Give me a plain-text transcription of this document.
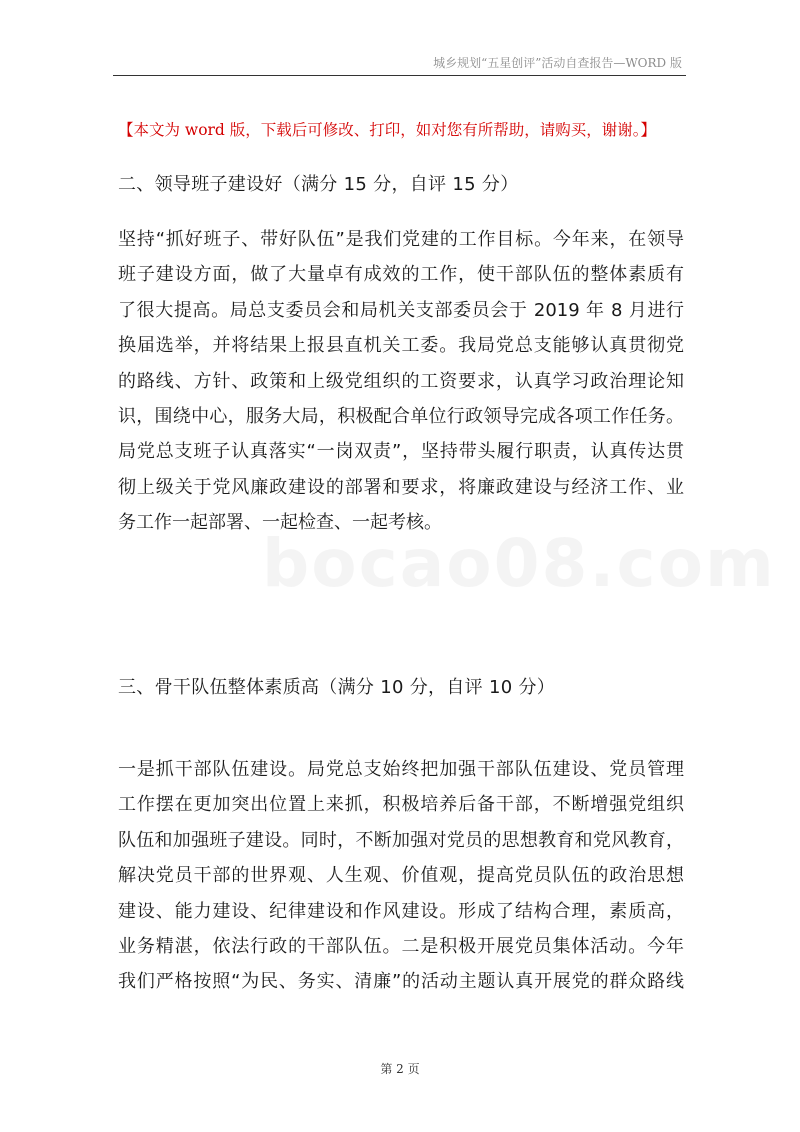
城乡规划“五星创评”活动自查报告—WORD 版
【本文为 word 版，下载后可修改、打印，如对您有所帮助，请购买，谢谢。】
二、领导班子建设好（满分 15 分，自评 15 分）
坚持“抓好班子、带好队伍”是我们党建的工作目标。今年来，在领导
班子建设方面，做了大量卓有成效的工作，使干部队伍的整体素质有
了很大提高。局总支委员会和局机关支部委员会于 2019 年 8 月进行
换届选举，并将结果上报县直机关工委。我局党总支能够认真贯彻党
的路线、方针、政策和上级党组织的工资要求，认真学习政治理论知
识，围绕中心，服务大局，积极配合单位行政领导完成各项工作任务。
局党总支班子认真落实“一岗双责”，坚持带头履行职责，认真传达贯
彻上级关于党风廉政建设的部署和要求，将廉政建设与经济工作、业
务工作一起部署、一起检查、一起考核。
三、骨干队伍整体素质高（满分 10 分，自评 10 分）
一是抓干部队伍建设。局党总支始终把加强干部队伍建设、党员管理
工作摆在更加突出位置上来抓，积极培养后备干部，不断增强党组织
队伍和加强班子建设。同时，不断加强对党员的思想教育和党风教育，
解决党员干部的世界观、人生观、价值观，提高党员队伍的政治思想
建设、能力建设、纪律建设和作风建设。形成了结构合理，素质高，
业务精湛，依法行政的干部队伍。二是积极开展党员集体活动。今年
我们严格按照“为民、务实、清廉”的活动主题认真开展党的群众路线
第 2 页
